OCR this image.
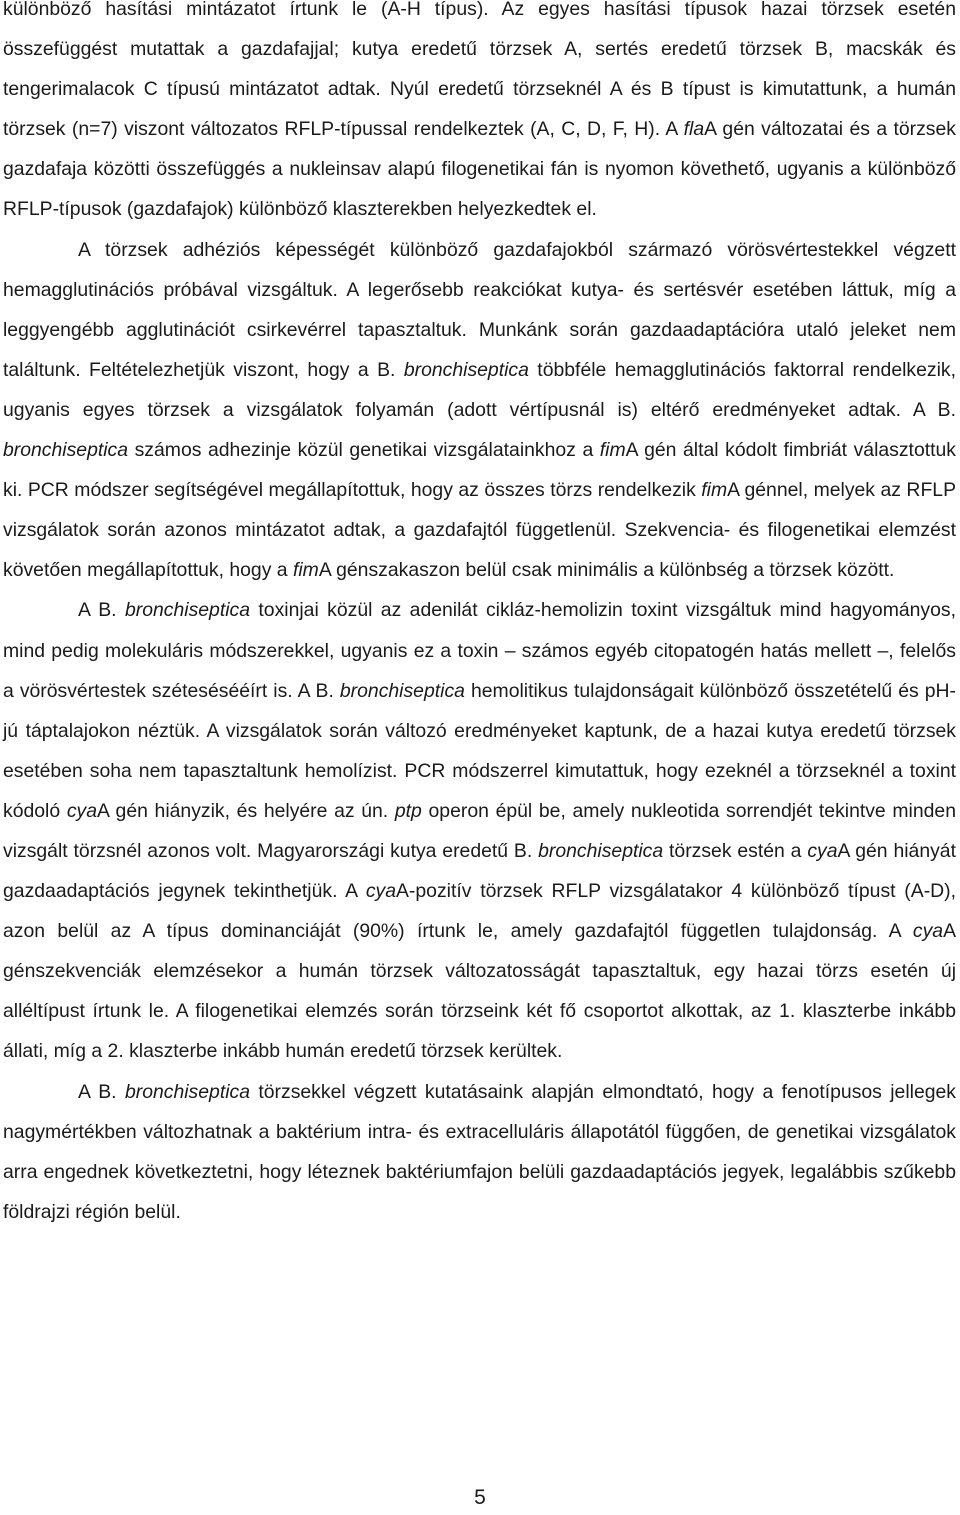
különböző hasítási mintázatot írtunk le (A-H típus). Az egyes hasítási típusok hazai törzsek esetén összefüggést mutattak a gazdafajjal; kutya eredetű törzsek A, sertés eredetű törzsek B, macskák és tengerimalacok C típusú mintázatot adtak. Nyúl eredetű törzseknél A és B típust is kimutattunk, a humán törzsek (n=7) viszont változatos RFLP-típussal rendelkeztek (A, C, D, F, H). A flaA gén változatai és a törzsek gazdafaja közötti összefüggés a nukleinsav alapú filogenetikai fán is nyomon követhető, ugyanis a különböző RFLP-típusok (gazdafajok) különböző klaszterekben helyezkedtek el.

A törzsek adhéziós képességét különböző gazdafajokból származó vörösvértestekkel végzett hemagglutinációs próbával vizsgáltuk. A legerősebb reakciókat kutya- és sertésvér esetében láttuk, míg a leggyengébb agglutinációt csirkevérrel tapasztaltuk. Munkánk során gazdaadaptációra utaló jeleket nem találtunk. Feltételezhetjük viszont, hogy a B. bronchiseptica többféle hemagglutinációs faktorral rendelkezik, ugyanis egyes törzsek a vizsgálatok folyamán (adott vértípusnál is) eltérő eredményeket adtak. A B. bronchiseptica számos adhezinje közül genetikai vizsgálatainkhoz a fimA gén által kódolt fimbriát választottuk ki. PCR módszer segítségével megállapítottuk, hogy az összes törzs rendelkezik fimA génnel, melyek az RFLP vizsgálatok során azonos mintázatot adtak, a gazdafajtól függetlenül. Szekvencia- és filogenetikai elemzést követően megállapítottuk, hogy a fimA génszakaszon belül csak minimális a különbség a törzsek között.

A B. bronchiseptica toxinjai közül az adenilát cikláz-hemolizin toxint vizsgáltuk mind hagyományos, mind pedig molekuláris módszerekkel, ugyanis ez a toxin – számos egyéb citopatogén hatás mellett –, felelős a vörösvértestek szétesésééírt is. A B. bronchiseptica hemolitikus tulajdonságait különböző összetételű és pH-jú táptalajokon néztük. A vizsgálatok során változó eredményeket kaptunk, de a hazai kutya eredetű törzsek esetében soha nem tapasztaltunk hemolízist. PCR módszerrel kimutattuk, hogy ezeknél a törzseknél a toxint kódoló cyaA gén hiányzik, és helyére az ún. ptp operon épül be, amely nukleotida sorrendjét tekintve minden vizsgált törzsnél azonos volt. Magyarországi kutya eredetű B. bronchiseptica törzsek estén a cyaA gén hiányát gazdaadaptációs jegynek tekinthetjük. A cyaA-pozitív törzsek RFLP vizsgálatakor 4 különböző típust (A-D), azon belül az A típus dominanciáját (90%) írtunk le, amely gazdafajtól független tulajdonság. A cyaA génszekvenciák elemzésekor a humán törzsek változatosságát tapasztaltuk, egy hazai törzs esetén új alléltípust írtunk le. A filogenetikai elemzés során törzseink két fő csoportot alkottak, az 1. klaszterbe inkább állati, míg a 2. klaszterbe inkább humán eredetű törzsek kerültek.

A B. bronchiseptica törzsekkel végzett kutatásaink alapján elmondtató, hogy a fenotípusos jellegek nagymértékben változhatnak a baktérium intra- és extracelluláris állapotától függően, de genetikai vizsgálatok arra engednek következtetni, hogy léteznek baktériumfajon belüli gazdaadaptációs jegyek, legalábbis szűkebb földrajzi régión belül.

5
